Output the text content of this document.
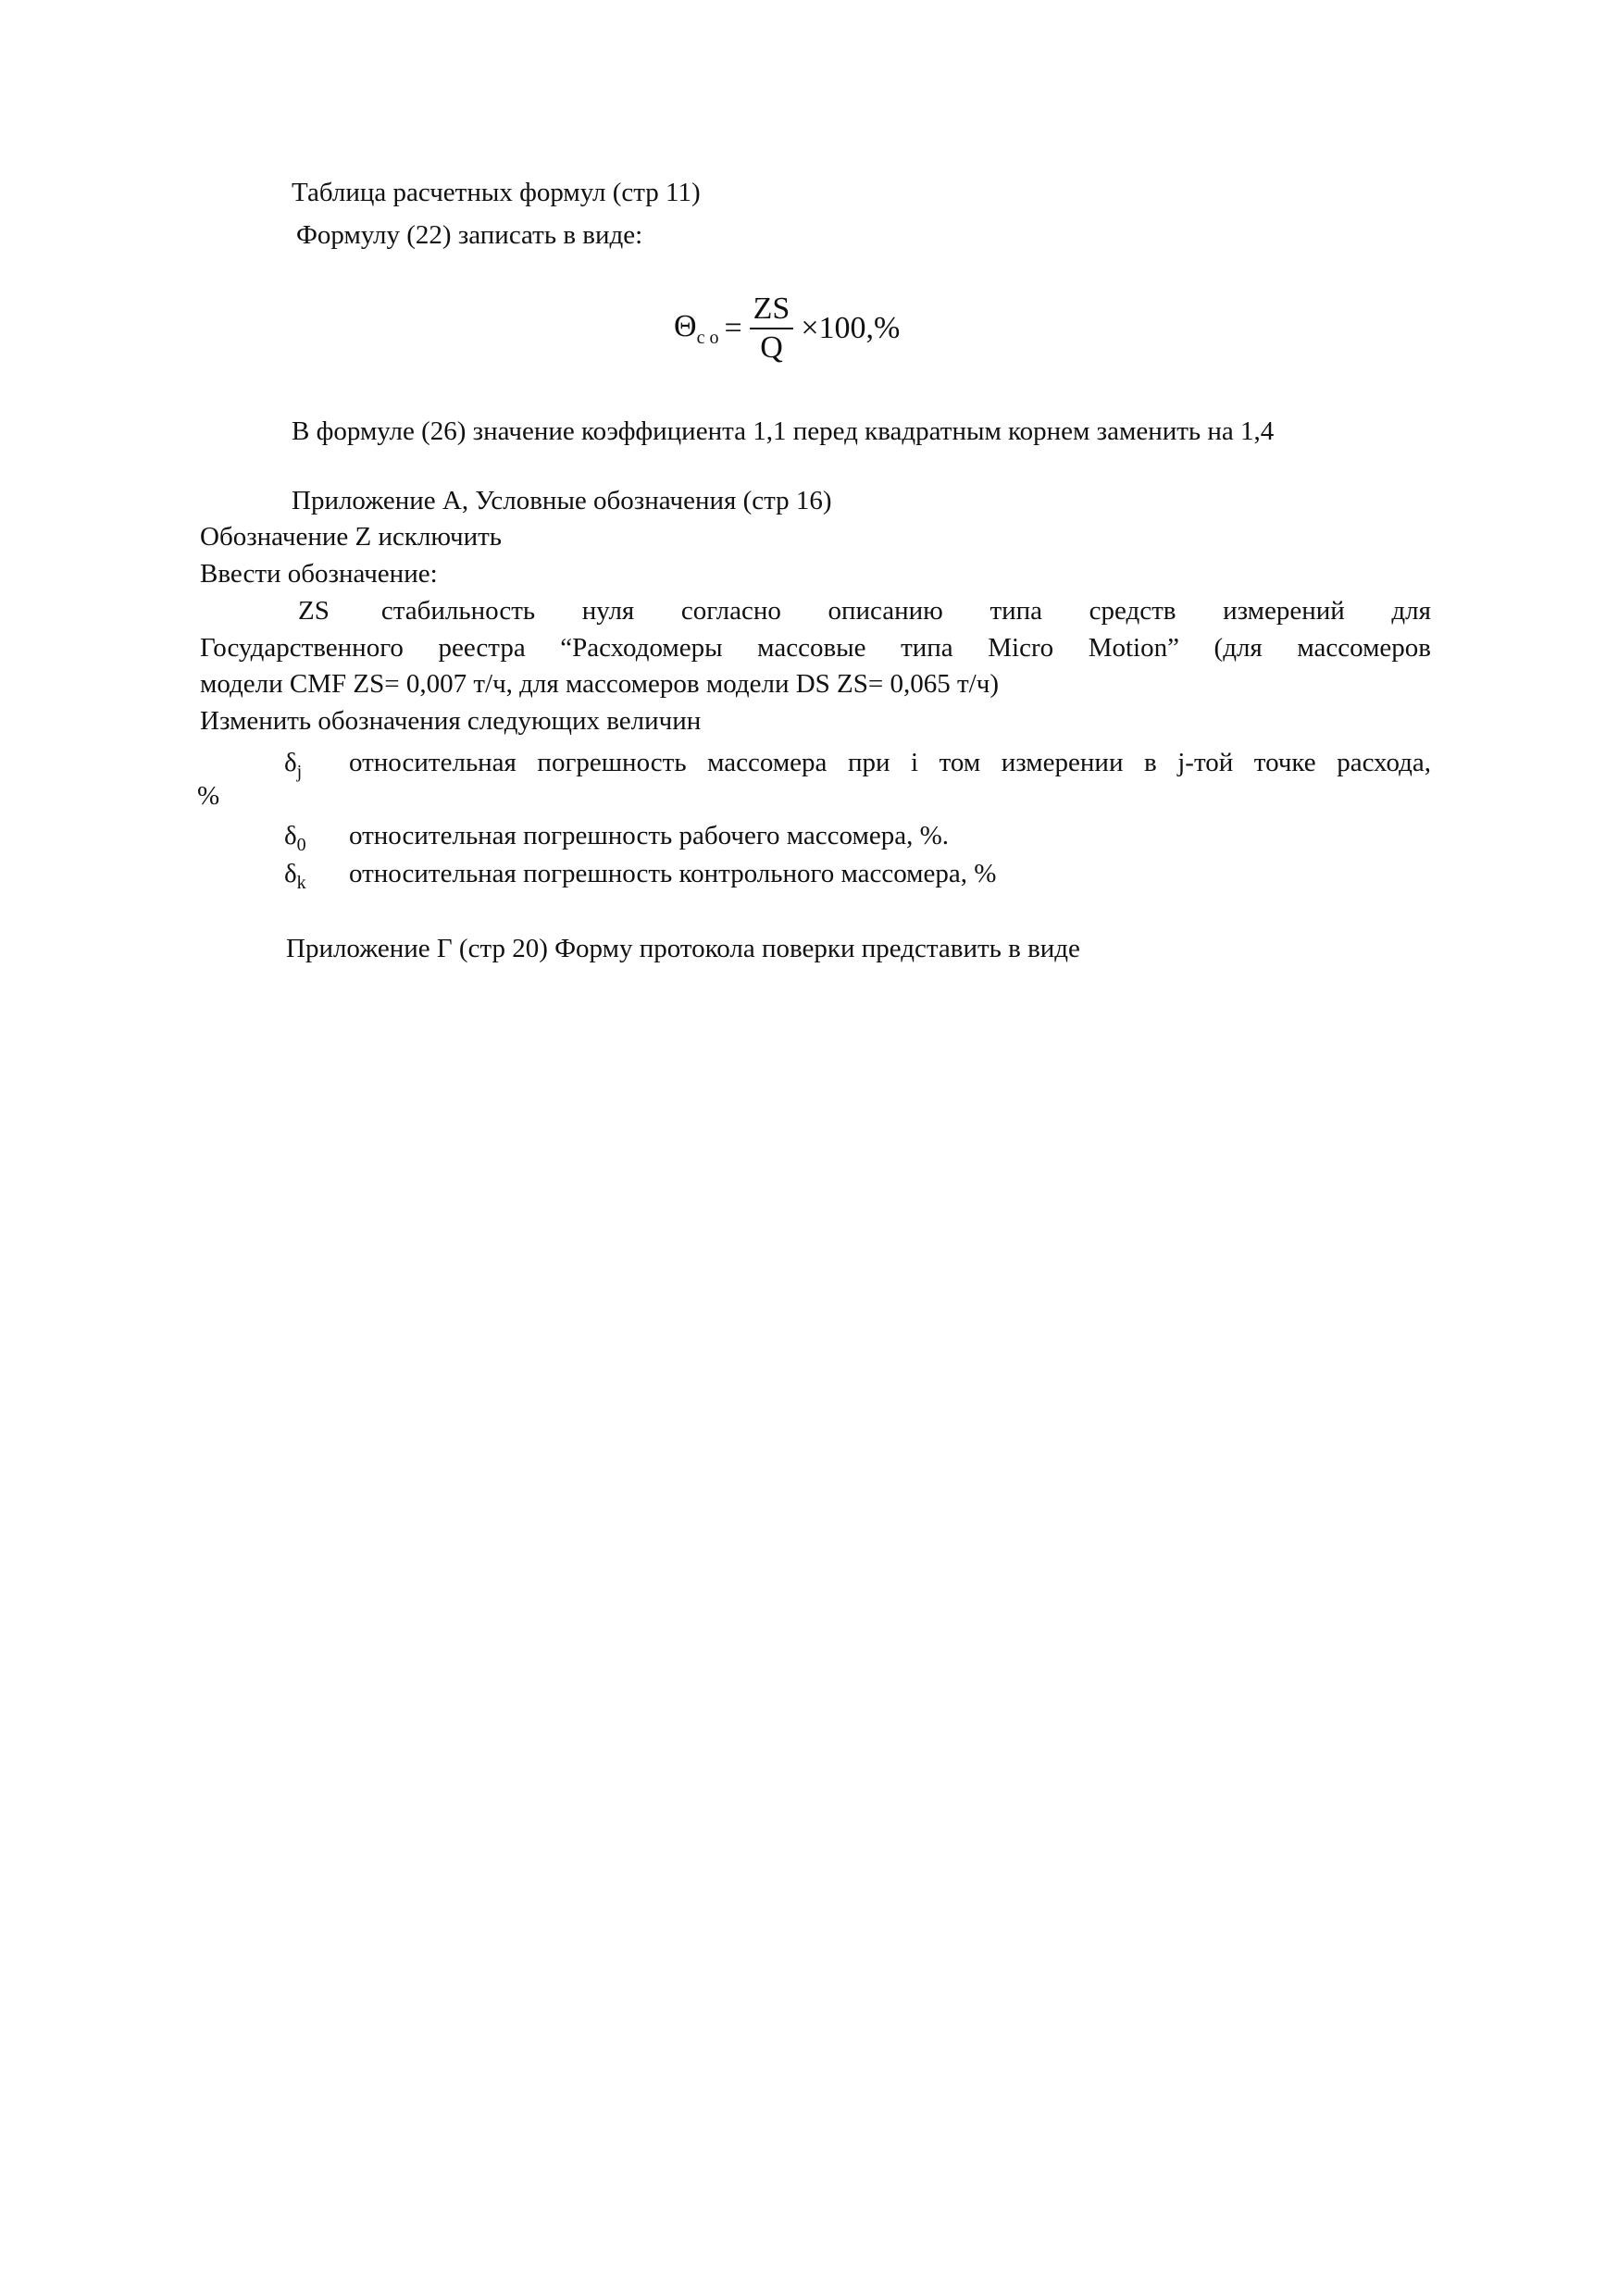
Таблица расчетных формул (стр 11)
Формулу (22) записать в виде:
$\Theta_{c o} = \frac{ZS}{Q} \times 100,\%$
В формуле (26) значение коэффициента 1,1 перед квадратным корнем заменить на 1,4
Приложение А, Условные обозначения (стр 16)
Обозначение Z исключить
Ввести обозначение:
ZS стабильность нуля согласно описанию типа средств измерений для
Государственного реестра “Расходомеры массовые типа Micro Motion” (для массомеров
модели CMF ZS= 0,007 т/ч, для массомеров модели DS ZS= 0,065 т/ч)
Изменить обозначения следующих величин
$\delta_j$ относительная погрешность массомера при i том измерении в j-той точке расхода,
%
$\delta_0$ относительная погрешность рабочего массомера, %.
$\delta_k$ относительная погрешность контрольного массомера, %
Приложение Г (стр 20) Форму протокола поверки представить в виде
